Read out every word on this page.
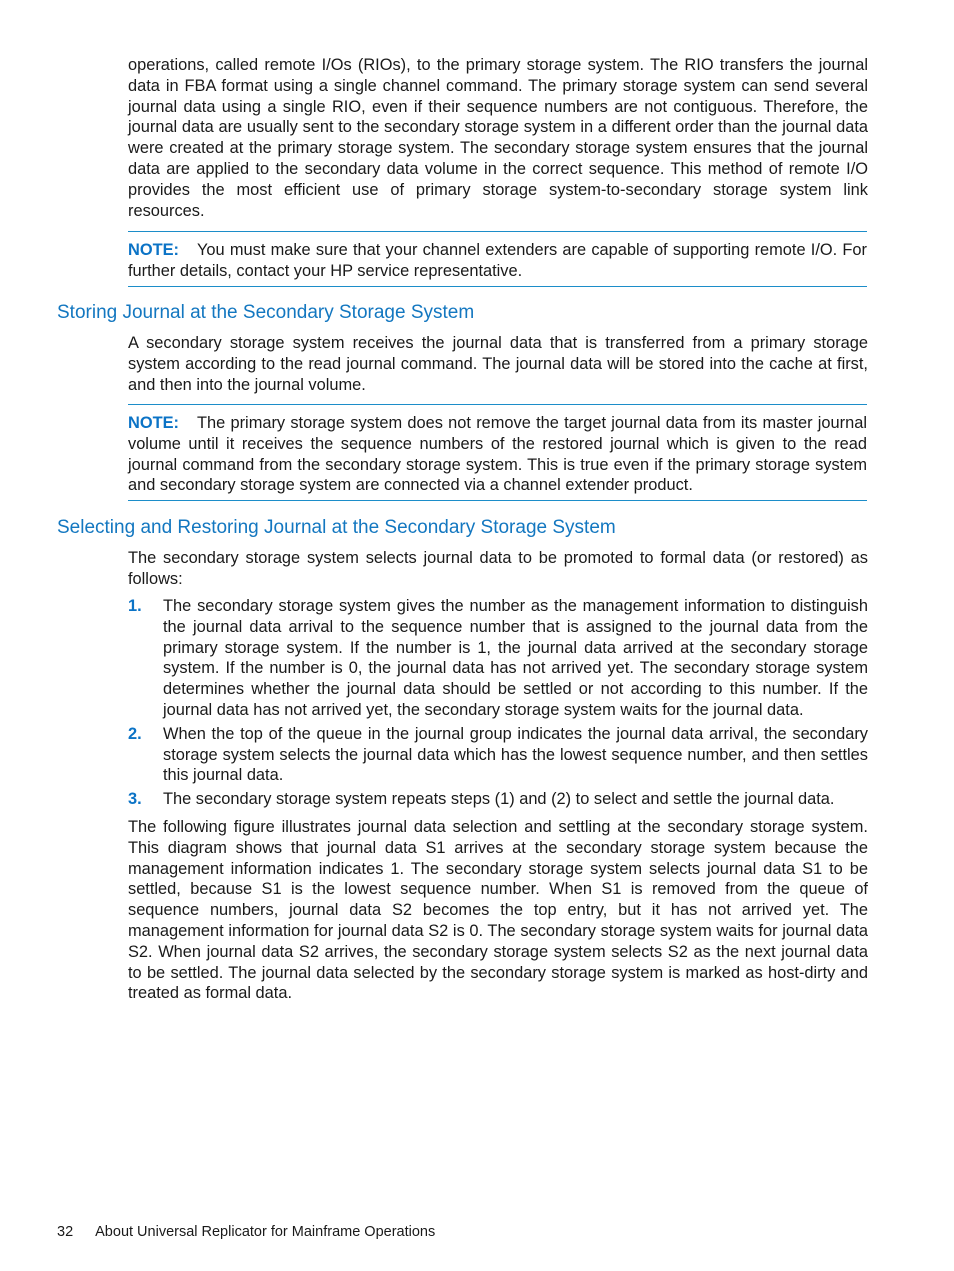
operations, called remote I/Os (RIOs), to the primary storage system. The RIO transfers the journal data in FBA format using a single channel command. The primary storage system can send several journal data using a single RIO, even if their sequence numbers are not contiguous. Therefore, the journal data are usually sent to the secondary storage system in a different order than the journal data were created at the primary storage system. The secondary storage system ensures that the journal data are applied to the secondary data volume in the correct sequence. This method of remote I/O provides the most efficient use of primary storage system-to-secondary storage system link resources.

NOTE: You must make sure that your channel extenders are capable of supporting remote I/O. For further details, contact your HP service representative.
Storing Journal at the Secondary Storage System

A secondary storage system receives the journal data that is transferred from a primary storage system according to the read journal command. The journal data will be stored into the cache at first, and then into the journal volume.

NOTE: The primary storage system does not remove the target journal data from its master journal volume until it receives the sequence numbers of the restored journal which is given to the read journal command from the secondary storage system. This is true even if the primary storage system and secondary storage system are connected via a channel extender product.
Selecting and Restoring Journal at the Secondary Storage System

The secondary storage system selects journal data to be promoted to formal data (or restored) as follows:

1. The secondary storage system gives the number as the management information to distinguish the journal data arrival to the sequence number that is assigned to the journal data from the primary storage system. If the number is 1, the journal data arrived at the secondary storage system. If the number is 0, the journal data has not arrived yet. The secondary storage system determines whether the journal data should be settled or not according to this number. If the journal data has not arrived yet, the secondary storage system waits for the journal data.
2. When the top of the queue in the journal group indicates the journal data arrival, the secondary storage system selects the journal data which has the lowest sequence number, and then settles this journal data.
3. The secondary storage system repeats steps (1) and (2) to select and settle the journal data.

The following figure illustrates journal data selection and settling at the secondary storage system. This diagram shows that journal data S1 arrives at the secondary storage system because the management information indicates 1. The secondary storage system selects journal data S1 to be settled, because S1 is the lowest sequence number. When S1 is removed from the queue of sequence numbers, journal data S2 becomes the top entry, but it has not arrived yet. The management information for journal data S2 is 0. The secondary storage system waits for journal data S2. When journal data S2 arrives, the secondary storage system selects S2 as the next journal data to be settled. The journal data selected by the secondary storage system is marked as host-dirty and treated as formal data.

32 About Universal Replicator for Mainframe Operations
